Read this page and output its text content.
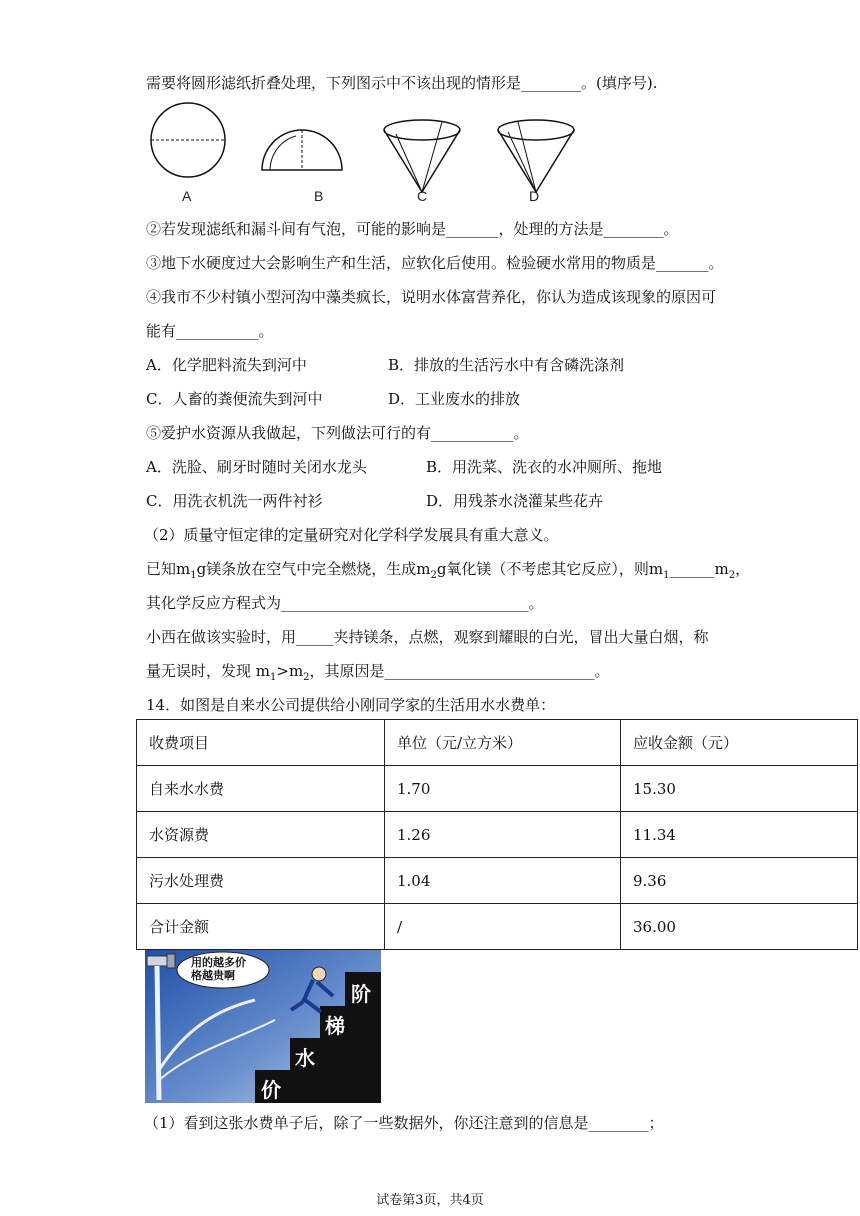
需要将圆形滤纸折叠处理，下列图示中不该出现的情形是________。(填序号).
A	B	C	D
②若发现滤纸和漏斗间有气泡，可能的影响是_______，处理的方法是________。
③地下水硬度过大会影响生产和生活，应软化后使用。检验硬水常用的物质是_______。
④我市不少村镇小型河沟中藻类疯长，说明水体富营养化，你认为造成该现象的原因可
能有___________。
A．化学肥料流失到河中	B．排放的生活污水中有含磷洗涤剂
C．人畜的粪便流失到河中	D．工业废水的排放
⑤爱护水资源从我做起，下列做法可行的有___________。
A．洗脸、刷牙时随时关闭水龙头	B．用洗菜、洗衣的水冲厕所、拖地
C．用洗衣机洗一两件衬衫	D．用残茶水浇灌某些花卉
（2）质量守恒定律的定量研究对化学科学发展具有重大意义。
已知$m_1g$镁条放在空气中完全燃烧，生成$m_2g$氧化镁（不考虑其它反应），则$m_1\_\_\_\_\_\_m_2$，
其化学反应方程式为_________________________________。
小西在做该实验时，用_____夹持镁条，点燃，观察到耀眼的白光，冒出大量白烟，称
量无误时，发现 $m_1>m_2$，其原因是____________________________。
14．如图是自来水公司提供给小刚同学家的生活用水水费单：
收费项目	单位（元/立方米）	应收金额（元）
自来水水费	1.70	15.30
水资源费	1.26	11.34
污水处理费	1.04	9.36
合计金额	/	36.00
用的越多价
格越贵啊
价
水
梯
阶
（1）看到这张水费单子后，除了一些数据外，你还注意到的信息是________；
试卷第3页，共4页
